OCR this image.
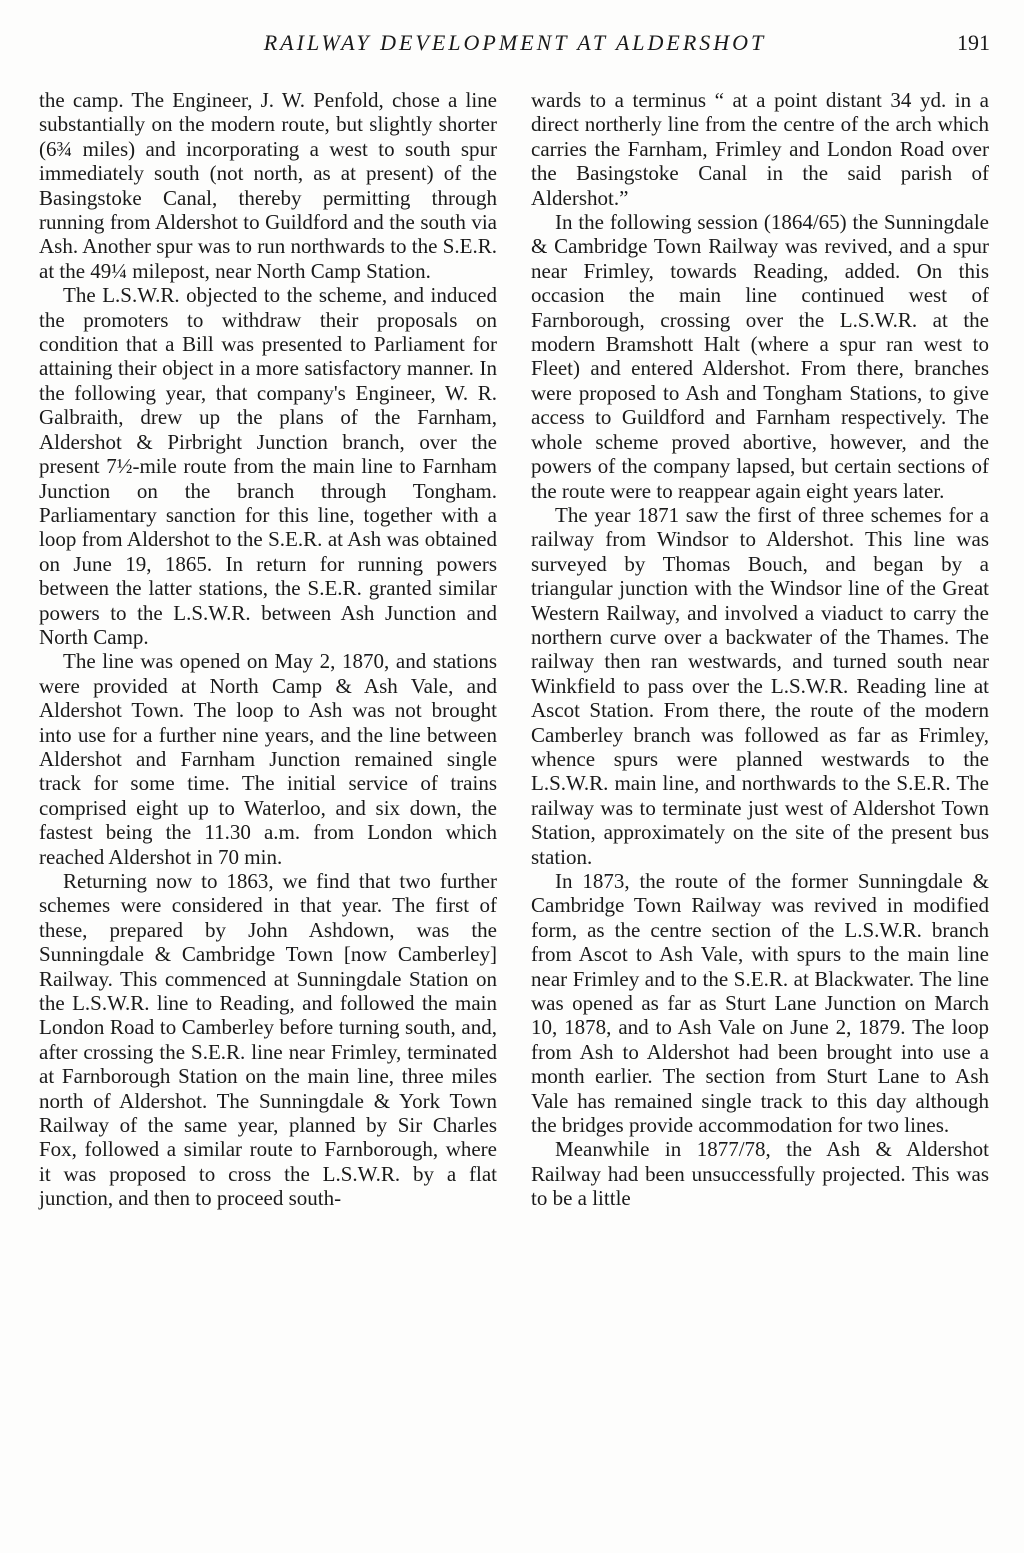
RAILWAY DEVELOPMENT AT ALDERSHOT	191

the camp. The Engineer, J. W. Penfold, chose a line substantially on the modern route, but slightly shorter (6¾ miles) and incorporating a west to south spur immediately south (not north, as at present) of the Basingstoke Canal, thereby permitting through running from Aldershot to Guildford and the south via Ash. Another spur was to run northwards to the S.E.R. at the 49¼ milepost, near North Camp Station.

The L.S.W.R. objected to the scheme, and induced the promoters to withdraw their proposals on condition that a Bill was presented to Parliament for attaining their object in a more satisfactory manner. In the following year, that company's Engineer, W. R. Galbraith, drew up the plans of the Farnham, Aldershot & Pirbright Junction branch, over the present 7½-mile route from the main line to Farnham Junction on the branch through Tongham. Parliamentary sanction for this line, together with a loop from Aldershot to the S.E.R. at Ash was obtained on June 19, 1865. In return for running powers between the latter stations, the S.E.R. granted similar powers to the L.S.W.R. between Ash Junction and North Camp.

The line was opened on May 2, 1870, and stations were provided at North Camp & Ash Vale, and Aldershot Town. The loop to Ash was not brought into use for a further nine years, and the line between Aldershot and Farnham Junction remained single track for some time. The initial service of trains comprised eight up to Waterloo, and six down, the fastest being the 11.30 a.m. from London which reached Aldershot in 70 min.

Returning now to 1863, we find that two further schemes were considered in that year. The first of these, prepared by John Ashdown, was the Sunningdale & Cambridge Town [now Camberley] Railway. This commenced at Sunningdale Station on the L.S.W.R. line to Reading, and followed the main London Road to Camberley before turning south, and, after crossing the S.E.R. line near Frimley, terminated at Farnborough Station on the main line, three miles north of Aldershot. The Sunningdale & York Town Railway of the same year, planned by Sir Charles Fox, followed a similar route to Farnborough, where it was proposed to cross the L.S.W.R. by a flat junction, and then to proceed south-

wards to a terminus “ at a point distant 34 yd. in a direct northerly line from the centre of the arch which carries the Farnham, Frimley and London Road over the Basingstoke Canal in the said parish of Aldershot.”

In the following session (1864/65) the Sunningdale & Cambridge Town Railway was revived, and a spur near Frimley, towards Reading, added. On this occasion the main line continued west of Farnborough, crossing over the L.S.W.R. at the modern Bramshott Halt (where a spur ran west to Fleet) and entered Aldershot. From there, branches were proposed to Ash and Tongham Stations, to give access to Guildford and Farnham respectively. The whole scheme proved abortive, however, and the powers of the company lapsed, but certain sections of the route were to reappear again eight years later.

The year 1871 saw the first of three schemes for a railway from Windsor to Aldershot. This line was surveyed by Thomas Bouch, and began by a triangular junction with the Windsor line of the Great Western Railway, and involved a viaduct to carry the northern curve over a backwater of the Thames. The railway then ran westwards, and turned south near Winkfield to pass over the L.S.W.R. Reading line at Ascot Station. From there, the route of the modern Camberley branch was followed as far as Frimley, whence spurs were planned westwards to the L.S.W.R. main line, and northwards to the S.E.R. The railway was to terminate just west of Aldershot Town Station, approximately on the site of the present bus station.

In 1873, the route of the former Sunningdale & Cambridge Town Railway was revived in modified form, as the centre section of the L.S.W.R. branch from Ascot to Ash Vale, with spurs to the main line near Frimley and to the S.E.R. at Blackwater. The line was opened as far as Sturt Lane Junction on March 10, 1878, and to Ash Vale on June 2, 1879. The loop from Ash to Aldershot had been brought into use a month earlier. The section from Sturt Lane to Ash Vale has remained single track to this day although the bridges provide accommodation for two lines.

Meanwhile in 1877/78, the Ash & Aldershot Railway had been unsuccessfully projected. This was to be a little
